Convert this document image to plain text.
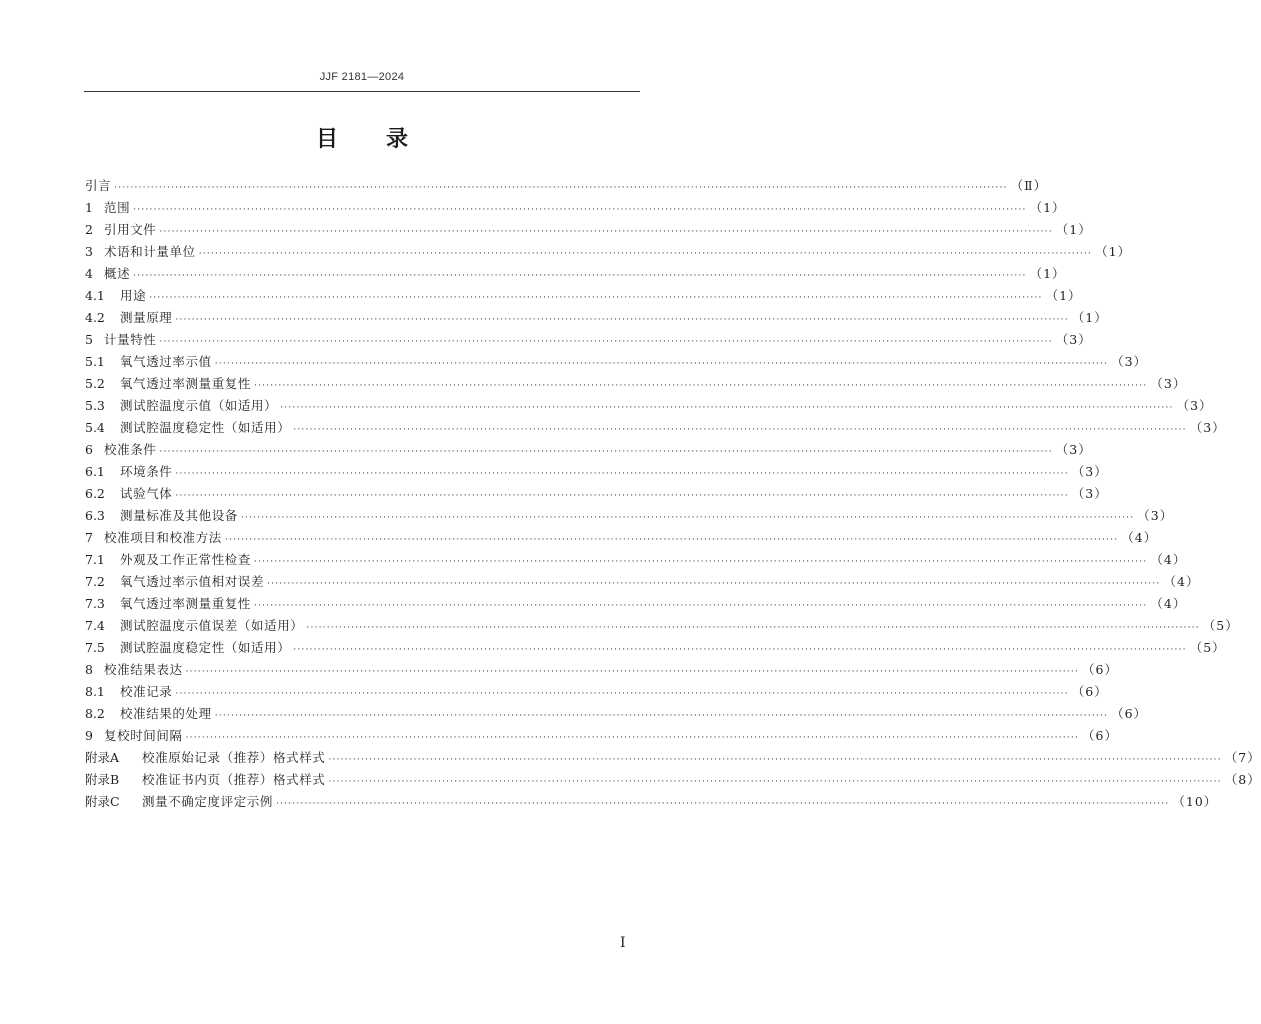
JJF 2181—2024
目 录
引言 ···························································································································································································································· （Ⅱ）
1 范围 ···························································································································································································································· （1）
2 引用文件 ···························································································································································································································· （1）
3 术语和计量单位 ···························································································································································································································· （1）
4 概述 ···························································································································································································································· （1）
4.1	用途 ···························································································································································································································· （1）
4.2	测量原理 ···························································································································································································································· （1）
5 计量特性 ···························································································································································································································· （3）
5.1	氧气透过率示值 ···························································································································································································································· （3）
5.2	氧气透过率测量重复性 ···························································································································································································································· （3）
5.3	测试腔温度示值（如适用） ···························································································································································································································· （3）
5.4	测试腔温度稳定性（如适用） ···························································································································································································································· （3）
6 校准条件 ···························································································································································································································· （3）
6.1	环境条件 ···························································································································································································································· （3）
6.2	试验气体 ···························································································································································································································· （3）
6.3	测量标准及其他设备 ···························································································································································································································· （3）
7 校准项目和校准方法 ···························································································································································································································· （4）
7.1	外观及工作正常性检查 ···························································································································································································································· （4）
7.2	氧气透过率示值相对误差 ···························································································································································································································· （4）
7.3	氧气透过率测量重复性 ···························································································································································································································· （4）
7.4	测试腔温度示值误差（如适用） ···························································································································································································································· （5）
7.5	测试腔温度稳定性（如适用） ···························································································································································································································· （5）
8 校准结果表达 ···························································································································································································································· （6）
8.1	校准记录 ···························································································································································································································· （6）
8.2	校准结果的处理 ···························································································································································································································· （6）
9 复校时间间隔 ···························································································································································································································· （6）
附录A	校准原始记录（推荐）格式样式 ···························································································································································································································· （7）
附录B	校准证书内页（推荐）格式样式 ···························································································································································································································· （8）
附录C	测量不确定度评定示例 ···························································································································································································································· （10）
I
